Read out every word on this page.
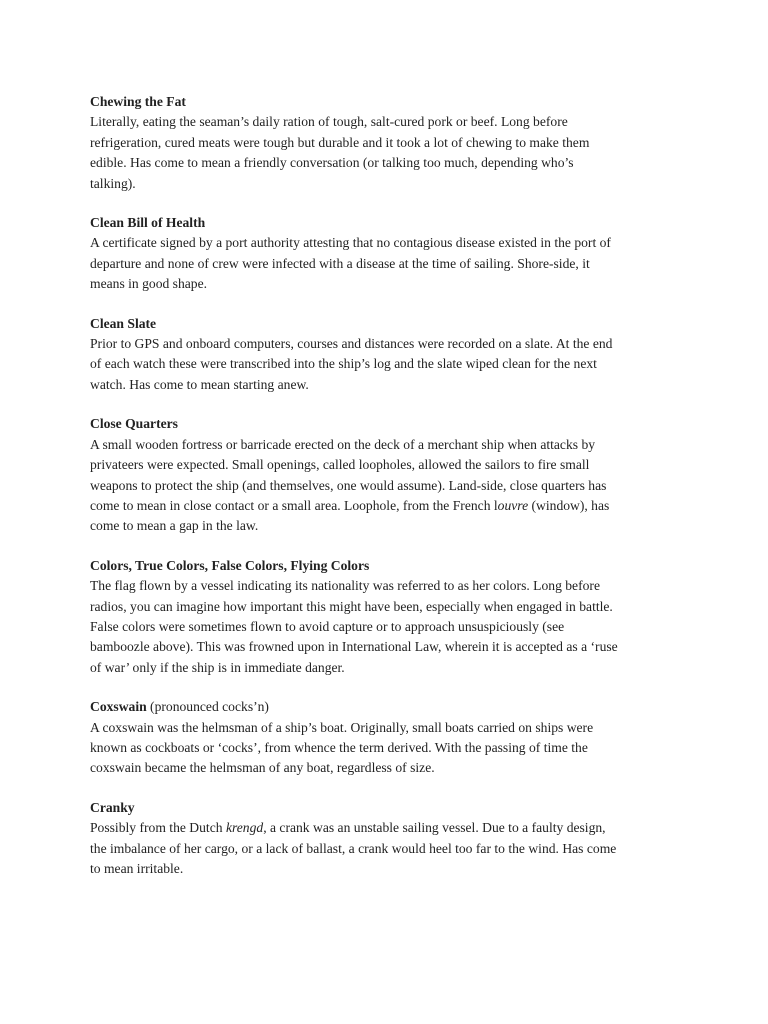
Chewing the Fat
Literally, eating the seaman’s daily ration of tough, salt-cured pork or beef. Long before
refrigeration, cured meats were tough but durable and it took a lot of chewing to make them
edible. Has come to mean a friendly conversation (or talking too much, depending who’s
talking).
Clean Bill of Health
A certificate signed by a port authority attesting that no contagious disease existed in the port of
departure and none of crew were infected with a disease at the time of sailing. Shore-side, it
means in good shape.
Clean Slate
Prior to GPS and onboard computers, courses and distances were recorded on a slate. At the end
of each watch these were transcribed into the ship’s log and the slate wiped clean for the next
watch. Has come to mean starting anew.
Close Quarters
A small wooden fortress or barricade erected on the deck of a merchant ship when attacks by
privateers were expected. Small openings, called loopholes, allowed the sailors to fire small
weapons to protect the ship (and themselves, one would assume). Land-side, close quarters has
come to mean in close contact or a small area. Loophole, from the French louvre (window), has
come to mean a gap in the law.
Colors, True Colors, False Colors, Flying Colors
The flag flown by a vessel indicating its nationality was referred to as her colors. Long before
radios, you can imagine how important this might have been, especially when engaged in battle.
False colors were sometimes flown to avoid capture or to approach unsuspiciously (see
bamboozle above). This was frowned upon in International Law, wherein it is accepted as a ‘ruse
of war’ only if the ship is in immediate danger.
Coxswain (pronounced cocks’n)
A coxswain was the helmsman of a ship’s boat. Originally, small boats carried on ships were
known as cockboats or ‘cocks’, from whence the term derived. With the passing of time the
coxswain became the helmsman of any boat, regardless of size.
Cranky
Possibly from the Dutch krengd, a crank was an unstable sailing vessel. Due to a faulty design,
the imbalance of her cargo, or a lack of ballast, a crank would heel too far to the wind. Has come
to mean irritable.
